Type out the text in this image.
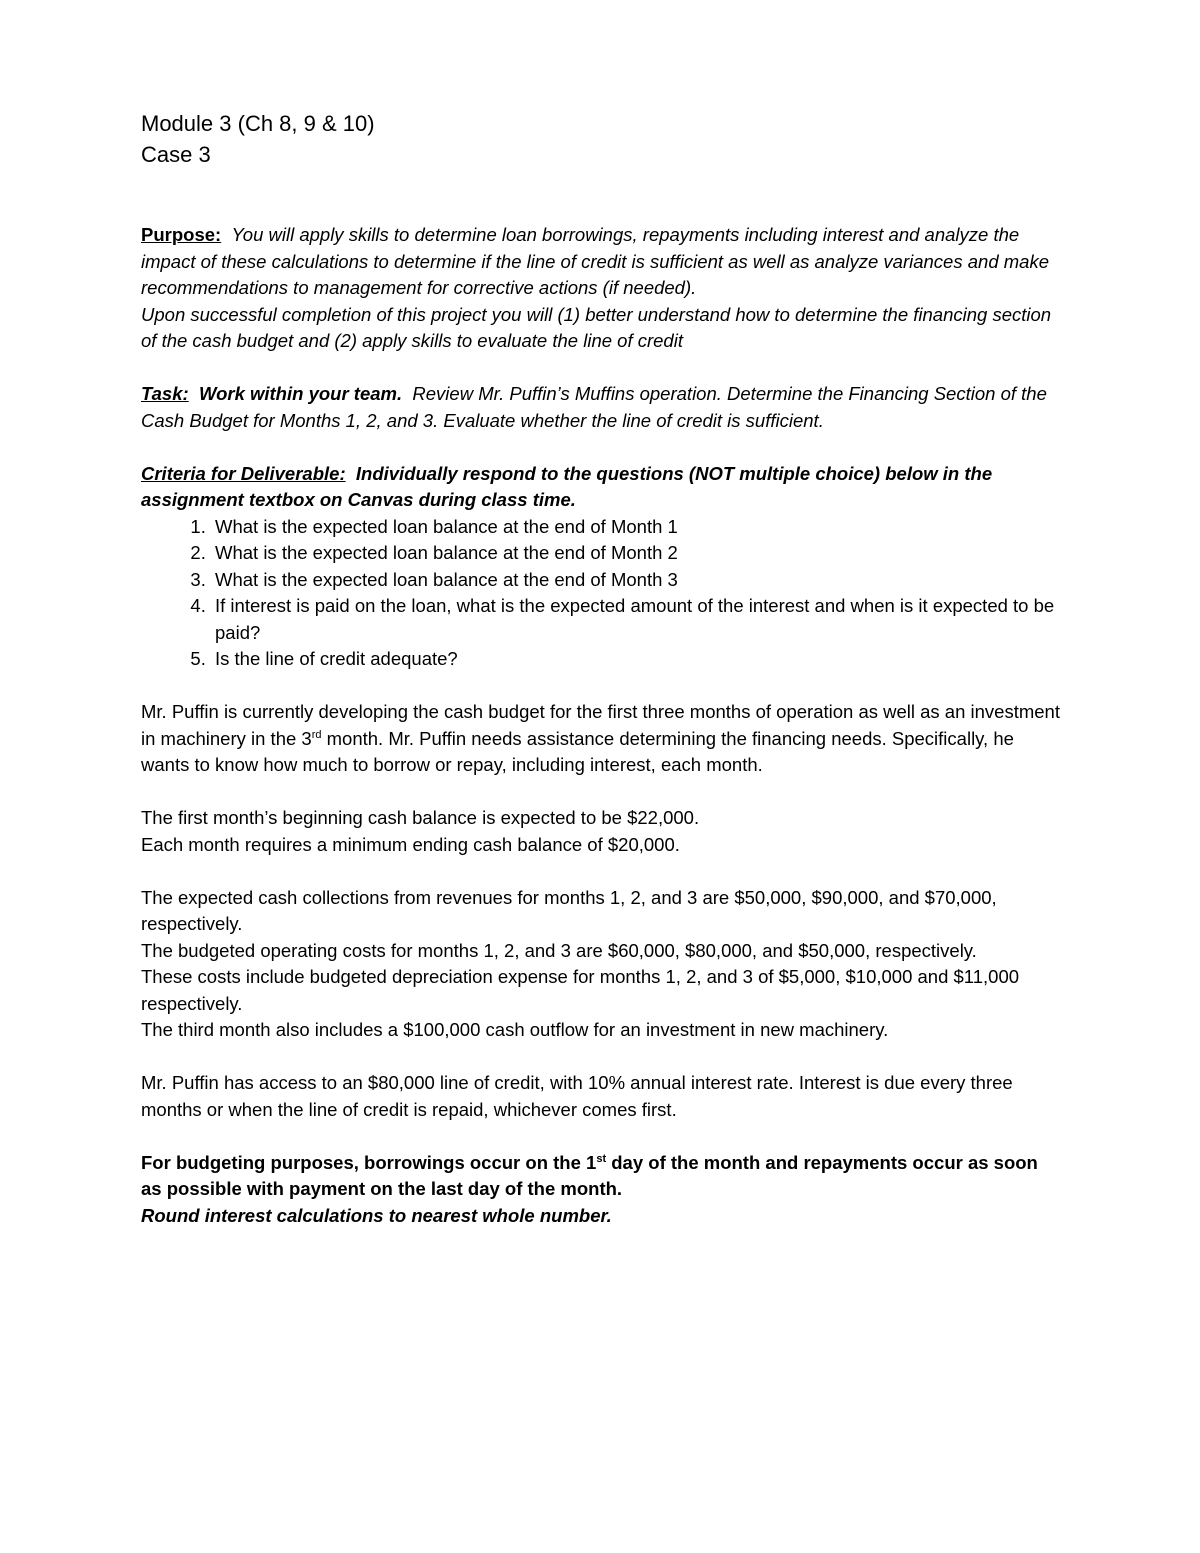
Module 3 (Ch 8, 9 & 10)

Case 3

Purpose: You will apply skills to determine loan borrowings, repayments including interest and analyze the impact of these calculations to determine if the line of credit is sufficient as well as analyze variances and make recommendations to management for corrective actions (if needed).

Upon successful completion of this project you will (1) better understand how to determine the financing section of the cash budget and (2) apply skills to evaluate the line of credit

Task: Work within your team. Review Mr. Puffin’s Muffins operation. Determine the Financing Section of the Cash Budget for Months 1, 2, and 3. Evaluate whether the line of credit is sufficient.

Criteria for Deliverable: Individually respond to the questions (NOT multiple choice) below in the assignment textbox on Canvas during class time.

1. What is the expected loan balance at the end of Month 1
2. What is the expected loan balance at the end of Month 2
3. What is the expected loan balance at the end of Month 3
4. If interest is paid on the loan, what is the expected amount of the interest and when is it expected to be paid?
5. Is the line of credit adequate?

Mr. Puffin is currently developing the cash budget for the first three months of operation as well as an investment in machinery in the 3rd month. Mr. Puffin needs assistance determining the financing needs. Specifically, he wants to know how much to borrow or repay, including interest, each month.

The first month’s beginning cash balance is expected to be $22,000.

Each month requires a minimum ending cash balance of $20,000.

The expected cash collections from revenues for months 1, 2, and 3 are $50,000, $90,000, and $70,000, respectively.

The budgeted operating costs for months 1, 2, and 3 are $60,000, $80,000, and $50,000, respectively.

These costs include budgeted depreciation expense for months 1, 2, and 3 of $5,000, $10,000 and $11,000 respectively.

The third month also includes a $100,000 cash outflow for an investment in new machinery.

Mr. Puffin has access to an $80,000 line of credit, with 10% annual interest rate. Interest is due every three months or when the line of credit is repaid, whichever comes first.

For budgeting purposes, borrowings occur on the 1st day of the month and repayments occur as soon as possible with payment on the last day of the month.

Round interest calculations to nearest whole number.
